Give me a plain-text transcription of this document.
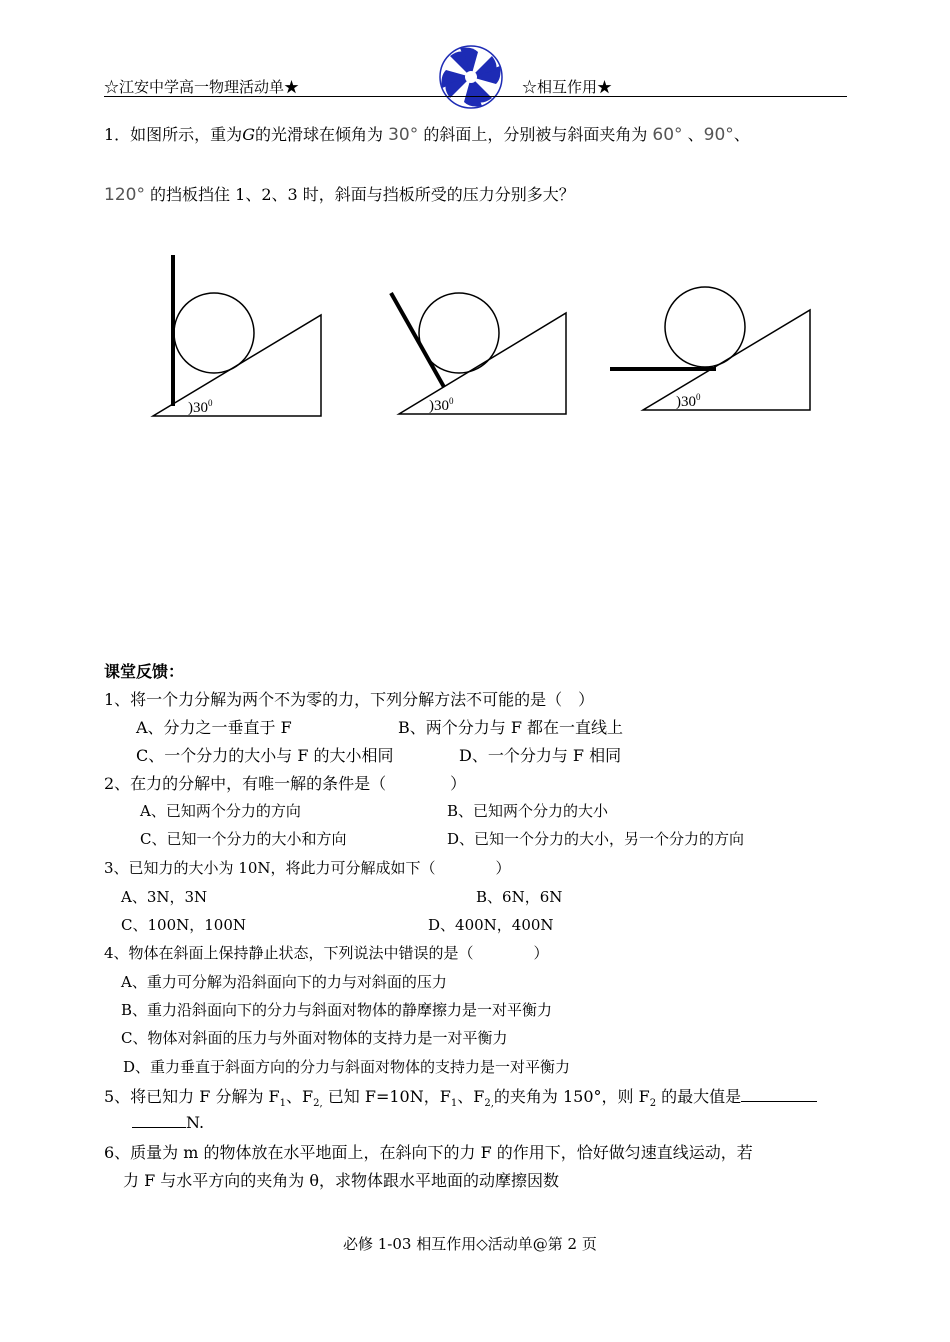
☆江安中学高一物理活动单★	☆相互作用★
1．如图所示，重为G的光滑球在倾角为 30° 的斜面上，分别被与斜面夹角为 60° 、90°、
120° 的挡板挡住 1、2、3 时，斜面与挡板所受的压力分别多大？
)$30^0$	)$30^0$	)$30^0$
课堂反馈：
1、将一个力分解为两个不为零的力，下列分解方法不可能的是（　）
A、分力之一垂直于 F	B、两个分力与 F 都在一直线上
C、一个分力的大小与 F 的大小相同	D、一个分力与 F 相同
2、在力的分解中，有唯一解的条件是（　　　　）
A、已知两个分力的方向	B、已知两个分力的大小
C、已知一个分力的大小和方向	D、已知一个分力的大小，另一个分力的方向
3、已知力的大小为 10N，将此力可分解成如下（　　　　）
A、3N，3N	B、6N，6N
C、100N，100N	D、400N，400N
4、物体在斜面上保持静止状态，下列说法中错误的是（　　　　）
A、重力可分解为沿斜面向下的力与对斜面的压力
B、重力沿斜面向下的分力与斜面对物体的静摩擦力是一对平衡力
C、物体对斜面的压力与外面对物体的支持力是一对平衡力
D、重力垂直于斜面方向的分力与斜面对物体的支持力是一对平衡力
5、将已知力 F 分解为 $F_1$、$F_{2,}$ 已知 F=10N，$F_1$、$F_{2,}$的夹角为 150°，则 $F_2$ 的最大值是
N.
6、质量为 m 的物体放在水平地面上，在斜向下的力 F 的作用下，恰好做匀速直线运动，若
力 F 与水平方向的夹角为 θ，求物体跟水平地面的动摩擦因数
必修 1-03 相互作用◇活动单@第 2 页
